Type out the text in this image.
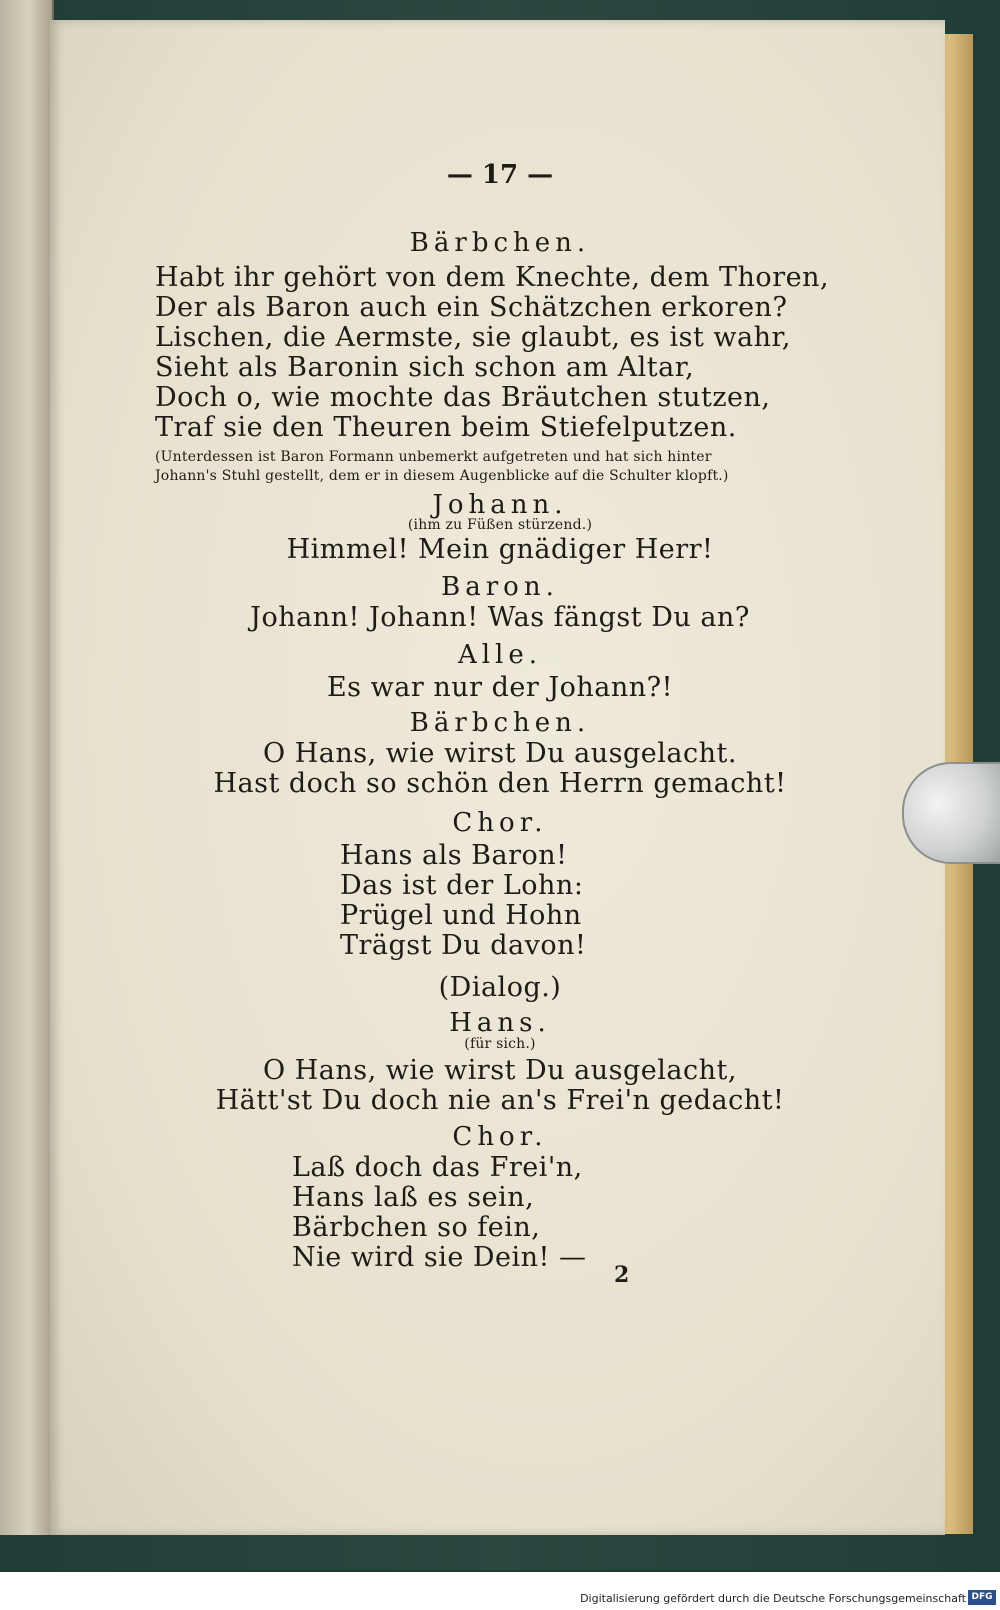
— 17 —
Bärbchen.
Habt ihr gehört von dem Knechte, dem Thoren,
Der als Baron auch ein Schätzchen erkoren?
Lischen, die Aermste, sie glaubt, es ist wahr,
Sieht als Baronin sich schon am Altar,
Doch o, wie mochte das Bräutchen stutzen,
Traf sie den Theuren beim Stiefelputzen.
(Unterdessen ist Baron Formann unbemerkt aufgetreten und hat sich hinter
Johann's Stuhl gestellt, dem er in diesem Augenblicke auf die Schulter klopft.)
Johann.
(ihm zu Füßen stürzend.)
Himmel! Mein gnädiger Herr!
Baron.
Johann! Johann! Was fängst Du an?
Alle.
Es war nur der Johann?!
Bärbchen.
O Hans, wie wirst Du ausgelacht.
Hast doch so schön den Herrn gemacht!
Chor.
Hans als Baron!
Das ist der Lohn:
Prügel und Hohn
Trägst Du davon!
(Dialog.)
Hans.
(für sich.)
O Hans, wie wirst Du ausgelacht,
Hätt'st Du doch nie an's Frei'n gedacht!
Chor.
Laß doch das Frei'n,
Hans laß es sein,
Bärbchen so fein,
Nie wird sie Dein! —
2
Digitalisierung gefördert durch die Deutsche Forschungsgemeinschaft DFG
